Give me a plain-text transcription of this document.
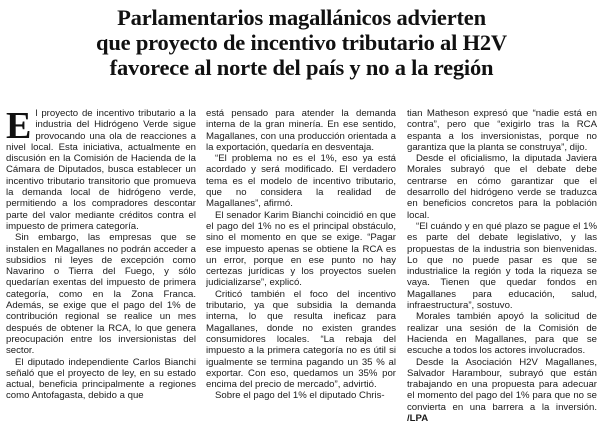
Parlamentarios magallánicos advierten
que proyecto de incentivo tributario al H2V
favorece al norte del país y no a la región

El proyecto de incentivo tributario a la industria del Hidrógeno Verde sigue provocando una ola de reacciones a nivel local. Esta iniciativa, actualmente en discusión en la Comisión de Hacienda de la Cámara de Diputados, busca establecer un incentivo tributario transitorio que promueva la demanda local de hidrógeno verde, permitiendo a los compradores descontar parte del valor mediante créditos contra el impuesto de primera categoría.

Sin embargo, las empresas que se instalen en Magallanes no podrán acceder a subsidios ni leyes de excepción como Navarino o Tierra del Fuego, y sólo quedarían exentas del impuesto de primera categoría, como en la Zona Franca. Además, se exige que el pago del 1% de contribución regional se realice un mes después de obtener la RCA, lo que genera preocupación entre los inversionistas del sector.

El diputado independiente Carlos Bianchi señaló que el proyecto de ley, en su estado actual, beneficia principalmente a regiones como Antofagasta, debido a que

está pensado para atender la demanda interna de la gran minería. En ese sentido, Magallanes, con una producción orientada a la exportación, quedaría en desventaja.

“El problema no es el 1%, eso ya está acordado y será modificado. El verdadero tema es el modelo de incentivo tributario, que no considera la realidad de Magallanes”, afirmó.

El senador Karim Bianchi coincidió en que el pago del 1% no es el principal obstáculo, sino el momento en que se exige. “Pagar ese impuesto apenas se obtiene la RCA es un error, porque en ese punto no hay certezas jurídicas y los proyectos suelen judicializarse”, explicó.

Criticó también el foco del incentivo tributario, ya que subsidia la demanda interna, lo que resulta ineficaz para Magallanes, donde no existen grandes consumidores locales. “La rebaja del impuesto a la primera categoría no es útil si igualmente se termina pagando un 35 % al exportar. Con eso, quedamos un 35% por encima del precio de mercado”, advirtió.

Sobre el pago del 1% el diputado Chris-

tian Matheson expresó que “nadie está en contra”, pero que “exigirlo tras la RCA espanta a los inversionistas, porque no garantiza que la planta se construya”, dijo.

Desde el oficialismo, la diputada Javiera Morales subrayó que el debate debe centrarse en cómo garantizar que el desarrollo del hidrógeno verde se traduzca en beneficios concretos para la población local.

“El cuándo y en qué plazo se pague el 1% es parte del debate legislativo, y las propuestas de la industria son bienvenidas. Lo que no puede pasar es que se industrialice la región y toda la riqueza se vaya. Tienen que quedar fondos en Magallanes para educación, salud, infraestructura”, sostuvo.

Morales también apoyó la solicitud de realizar una sesión de la Comisión de Hacienda en Magallanes, para que se escuche a todos los actores involucrados.

Desde la Asociación H2V Magallanes, Salvador Harambour, subrayó que están trabajando en una propuesta para adecuar el momento del pago del 1% para que no se convierta en una barrera a la inversión. /LPA
